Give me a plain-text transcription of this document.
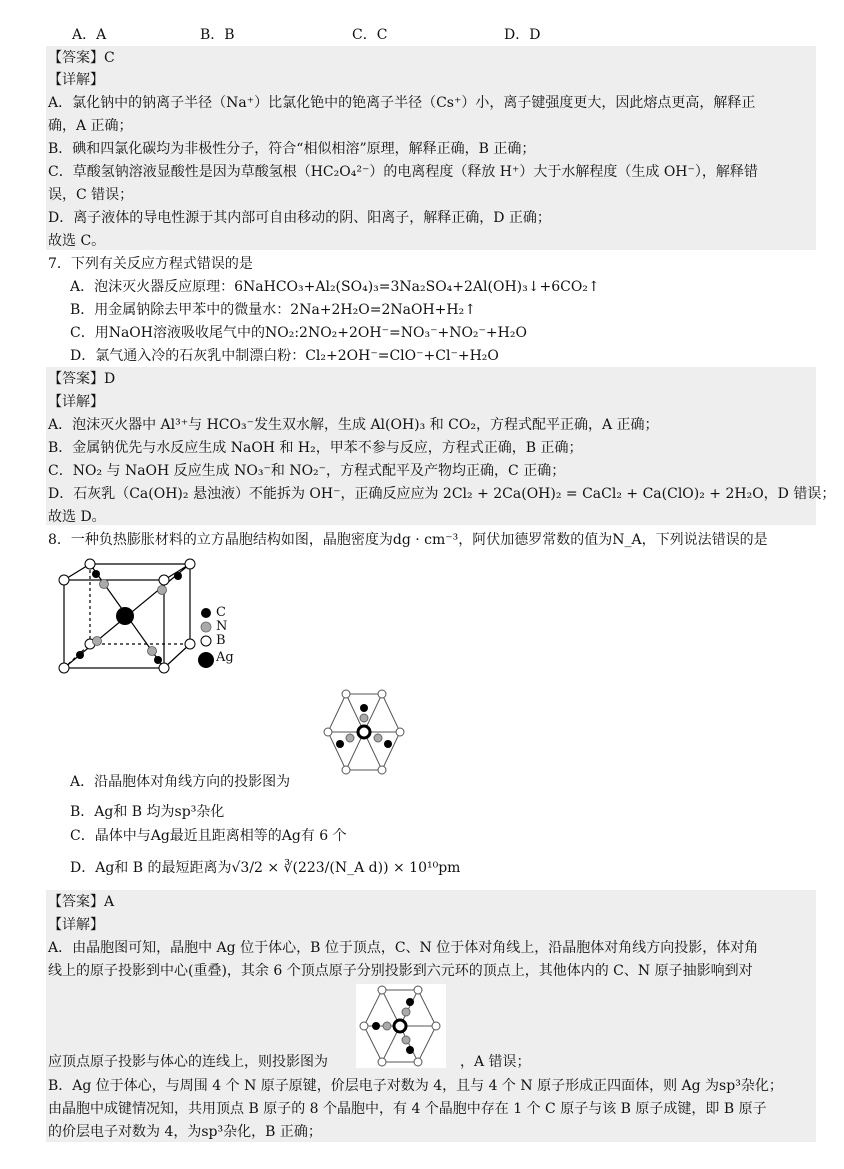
A．A	B．B	C．C	D．D
【答案】C
【详解】
A．氯化钠中的钠离子半径（Na⁺）比氯化铯中的铯离子半径（Cs⁺）小，离子键强度更大，因此熔点更高，解释正
确，A 正确；
B．碘和四氯化碳均为非极性分子，符合“相似相溶”原理，解释正确，B 正确；
C．草酸氢钠溶液显酸性是因为草酸氢根（HC₂O₄²⁻）的电离程度（释放 H⁺）大于水解程度（生成 OH⁻），解释错
误，C 错误；
D．离子液体的导电性源于其内部可自由移动的阴、阳离子，解释正确，D 正确；
故选 C。
7．下列有关反应方程式错误的是
A．泡沫灭火器反应原理：6NaHCO₃+Al₂(SO₄)₃=3Na₂SO₄+2Al(OH)₃↓+6CO₂↑
B．用金属钠除去甲苯中的微量水：2Na+2H₂O=2NaOH+H₂↑
C．用NaOH溶液吸收尾气中的NO₂:2NO₂+2OH⁻=NO₃⁻+NO₂⁻+H₂O
D．氯气通入冷的石灰乳中制漂白粉：Cl₂+2OH⁻=ClO⁻+Cl⁻+H₂O
【答案】D
【详解】
A．泡沫灭火器中 Al³⁺与 HCO₃⁻发生双水解，生成 Al(OH)₃ 和 CO₂，方程式配平正确，A 正确；
B．金属钠优先与水反应生成 NaOH 和 H₂，甲苯不参与反应，方程式正确，B 正确；
C．NO₂ 与 NaOH 反应生成 NO₃⁻和 NO₂⁻，方程式配平及产物均正确，C 正确；
D．石灰乳（Ca(OH)₂ 悬浊液）不能拆为 OH⁻，正确反应应为 2Cl₂ + 2Ca(OH)₂ = CaCl₂ + Ca(ClO)₂ + 2H₂O，D 错误；
故选 D。
8．一种负热膨胀材料的立方晶胞结构如图，晶胞密度为dg · cm⁻³，阿伏加德罗常数的值为N_A，下列说法错误的是
C
N
B
Ag
A．沿晶胞体对角线方向的投影图为
B．Ag和 B 均为sp³杂化
C．晶体中与Ag最近且距离相等的Ag有 6 个
D．Ag和 B 的最短距离为√3/2 × ∛(223/(N_A d)) × 10¹⁰pm
【答案】A
【详解】
A．由晶胞图可知，晶胞中 Ag 位于体心，B 位于顶点，C、N 位于体对角线上，沿晶胞体对角线方向投影，体对角
线上的原子投影到中心(重叠)，其余 6 个顶点原子分别投影到六元环的顶点上，其他体内的 C、N 原子抽影响到对
应顶点原子投影与体心的连线上，则投影图为	，A 错误；
B．Ag 位于体心，与周围 4 个 N 原子原键，价层电子对数为 4，且与 4 个 N 原子形成正四面体，则 Ag 为sp³杂化；
由晶胞中成键情况知，共用顶点 B 原子的 8 个晶胞中，有 4 个晶胞中存在 1 个 C 原子与该 B 原子成键，即 B 原子
的价层电子对数为 4，为sp³杂化，B 正确；
